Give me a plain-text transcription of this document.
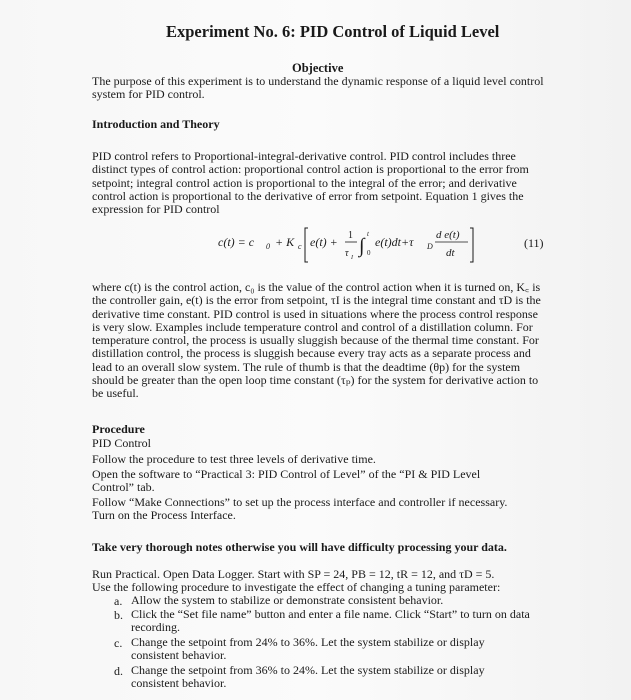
Experiment No. 6: PID Control of Liquid Level
Objective
The purpose of this experiment is to understand the dynamic response of a liquid level control system for PID control.
Introduction and Theory
PID control refers to Proportional-integral-derivative control. PID control includes three distinct types of control action: proportional control action is proportional to the error from setpoint; integral control action is proportional to the integral of the error; and derivative control action is proportional to the derivative of error from setpoint. Equation 1 gives the expression for PID control
c(t) = c 0 + K c e(t) + 1
τ I
∫
t
0
e(t)dt+τ D
d e(t)
dt
(11)
where c(t) is the control action, c₀ is the value of the control action when it is turned on, K꜀ is the controller gain, e(t) is the error from setpoint, τI is the integral time constant and τD is the derivative time constant. PID control is used in situations where the process control response is very slow. Examples include temperature control and control of a distillation column. For temperature control, the process is usually sluggish because of the thermal time constant. For distillation control, the process is sluggish because every tray acts as a separate process and lead to an overall slow system. The rule of thumb is that the deadtime (θp) for the system should be greater than the open loop time constant (τₚ) for the system for derivative action to be useful.
Procedure
PID Control
Follow the procedure to test three levels of derivative time.
Open the software to “Practical 3: PID Control of Level” of the “PI & PID Level
Control” tab.
Follow “Make Connections” to set up the process interface and controller if necessary.
Turn on the Process Interface.
Take very thorough notes otherwise you will have difficulty processing your data.
Run Practical. Open Data Logger. Start with SP = 24, PB = 12, tR = 12, and τD = 5.
Use the following procedure to investigate the effect of changing a tuning parameter:
a. Allow the system to stabilize or demonstrate consistent behavior.
b. Click the “Set file name” button and enter a file name. Click “Start” to turn on data recording.
c. Change the setpoint from 24% to 36%. Let the system stabilize or display consistent behavior.
d. Change the setpoint from 36% to 24%. Let the system stabilize or display consistent behavior.
